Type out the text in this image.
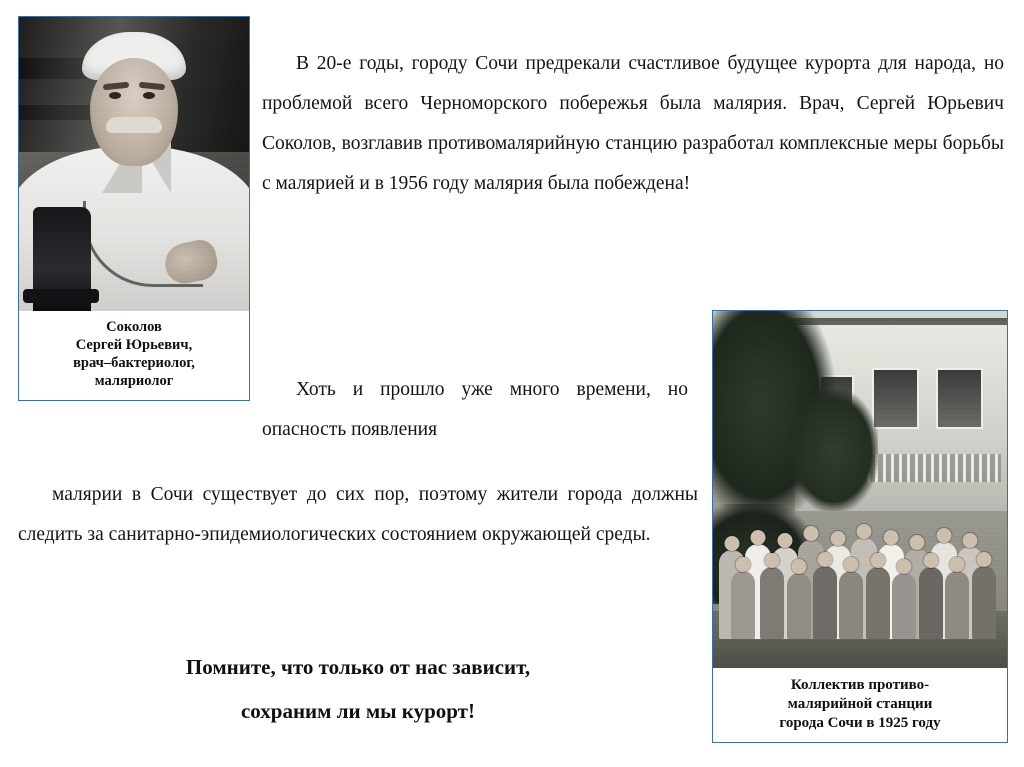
Соколов
Сергей Юрьевич,
врач–бактериолог,
маляриолог
Коллектив противо-
малярийной станции
города Сочи в 1925 году

В 20-е годы, городу Сочи предрекали счастливое будущее курорта для народа, но проблемой всего Черноморского побережья была малярия. Врач, Сергей Юрьевич Соколов, возглавив противомалярийную станцию разработал комплексные меры борьбы с малярией и в 1956 году малярия была побеждена!

Хоть и прошло уже много времени, но опасность появления

малярии в Сочи существует до сих пор, поэтому жители города должны следить за санитарно-эпидемиологических состоянием окружающей среды.

Помните, что только от нас зависит,
сохраним ли мы курорт!
